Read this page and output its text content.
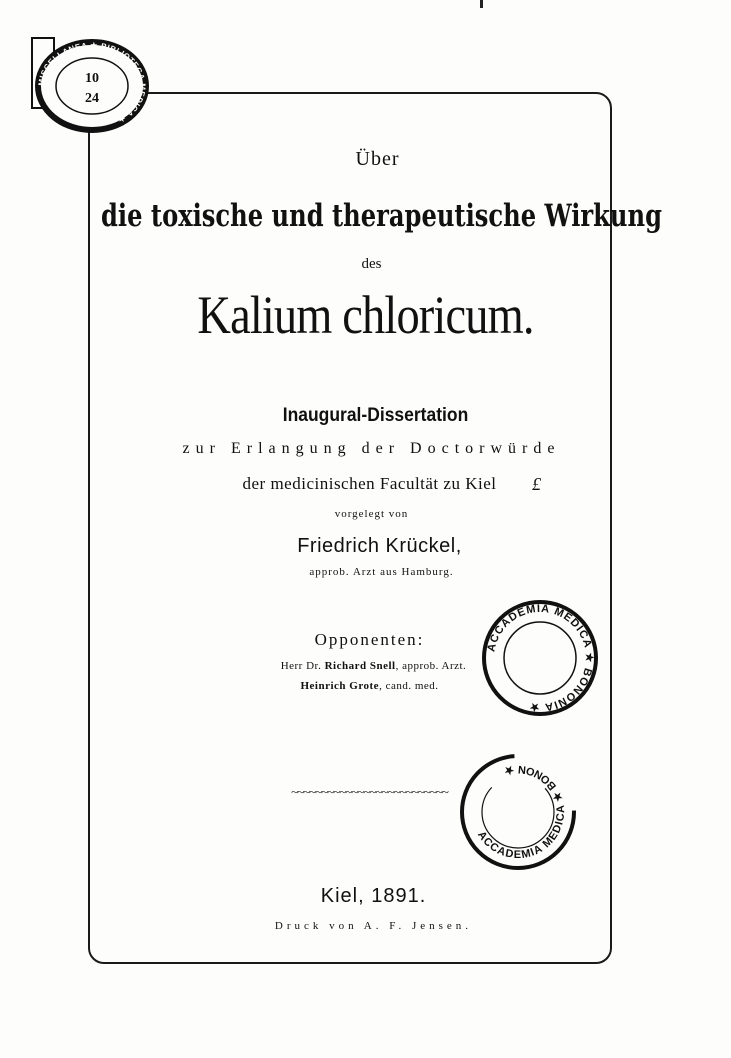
MISCELLANEA ★ BIBLIOTECA MEDICA ★
10
24
Über
die toxische und therapeutische Wirkung
des
Kalium chloricum.
Inaugural-Dissertation
zur Erlangung der Doctorwürde
der medicinischen Facultät zu Kiel	£
vorgelegt von
Friedrich Krückel,
approb. Arzt aus Hamburg.
Opponenten:
Herr Dr. Richard Snell, approb. Arzt.
Heinrich Grote, cand. med.
~~~~~~~~~~~~~~~~~~~~~~~~~~
Kiel, 1891.
Druck von A. F. Jensen.
ACCADEMIA MEDICA ★ BONONIA ★
ACCADEMIA MEDICA ★ BONON ★
